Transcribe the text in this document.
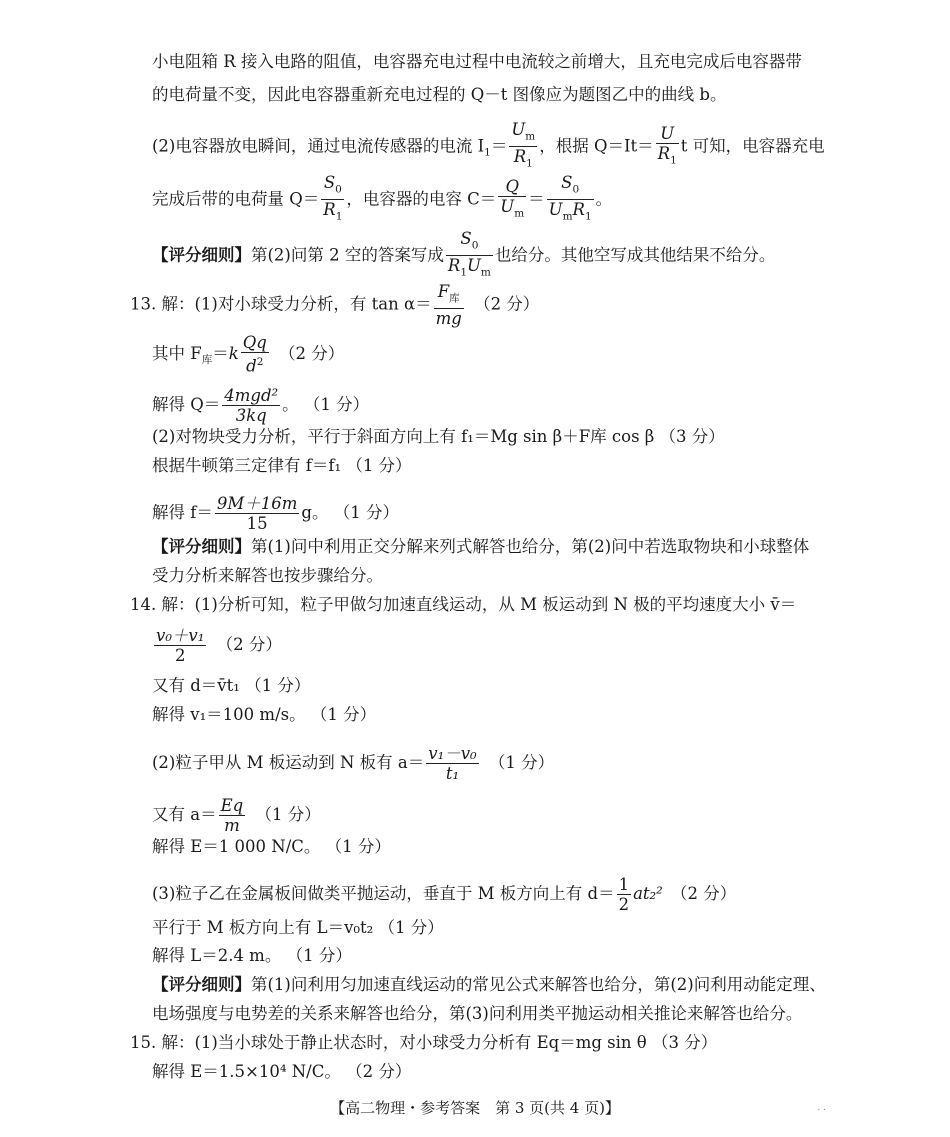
小电阻箱 R 接入电路的阻值，电容器充电过程中电流较之前增大，且充电完成后电容器带
的电荷量不变，因此电容器重新充电过程的 Q－t 图像应为题图乙中的曲线 b。
(2)电容器放电瞬间，通过电流传感器的电流 $I_1= \frac{U_m}{R_1}$ ，根据 $Q=It= \frac{U}{R_1}$ t 可知，电容器充电
完成后带的电荷量 $Q= \frac{S_0}{R_1}$ ，电容器的电容 $C= \frac{Q}{U_m} = \frac{S_0}{U_mR_1}$ 。
【评分细则】第(2)问第 2 空的答案写成 $\frac{S_0}{R_1U_m}$ 也给分。其他空写成其他结果不给分。
13. 解：(1)对小球受力分析，有 $\tan \alpha= \frac{F_库}{mg}$
　 （2 分）
其中 $F_库=k \frac{Qq}{d^2}$
　 （2 分）
解得 $Q= \frac{\text{4mgd²}}{3kq}$ 。 （1 分）
(2)对物块受力分析，平行于斜面方向上有 f₁＝Mg sin β＋F库 cos β （3 分）
根据牛顿第三定律有 f＝f₁ （1 分）
解得 $f= \frac{9M+16m}{15}$ g。 （1 分）
【评分细则】第(1)问中利用正交分解来列式解答也给分，第(2)问中若选取物块和小球整体
受力分析来解答也按步骤给分。
14. 解：(1)分析可知，粒子甲做匀加速直线运动，从 M 板运动到 N 极的平均速度大小 v̄＝
$\frac{\text{v₀＋v₁}}{2}$
　 （2 分）
又有 d＝v̄t₁ （1 分）
解得 v₁＝100 m/s。 （1 分）
(2)粒子甲从 M 板运动到 N 板有 $a= \frac{\text{v₁－v₀}}{\text{t₁}}$
　 （1 分）
又有 $a= \frac{Eq}{m}$
　 （1 分）
解得 E＝1 000 N/C。 （1 分）
(3)粒子乙在金属板间做类平抛运动，垂直于 M 板方向上有 $d= \frac{1}{2} at_2^2$　 （2 分）
平行于 M 板方向上有 L＝v₀t₂ （1 分）
解得 L＝2.4 m。 （1 分）
【评分细则】第(1)问利用匀加速直线运动的常见公式来解答也给分，第(2)问利用动能定理、
电场强度与电势差的关系来解答也给分，第(3)问利用类平抛运动相关推论来解答也给分。
15. 解：(1)当小球处于静止状态时，对小球受力分析有 Eq＝mg sin θ （3 分）
解得 E＝1.5×10⁴ N/C。 （2 分）
【高二物理・参考答案　第 3 页(共 4 页)】	. .
